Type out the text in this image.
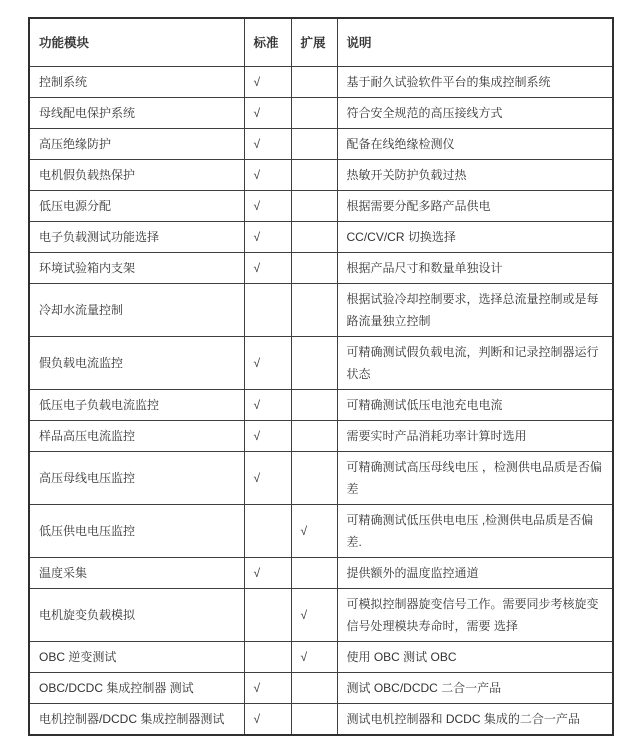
功能模块	标准	扩展	说明
控制系统	√		基于耐久试验软件平台的集成控制系统
母线配电保护系统	√		符合安全规范的高压接线方式
高压绝缘防护	√		配备在线绝缘检测仪
电机假负载热保护	√		热敏开关防护负载过热
低压电源分配	√		根据需要分配多路产品供电
电子负载测试功能选择	√		CC/CV/CR 切换选择
环境试验箱内支架	√		根据产品尺寸和数量单独设计
冷却水流量控制			根据试验冷却控制要求，选择总流量控制或是每路流量独立控制
假负载电流监控	√		可精确测试假负载电流，判断和记录控制器运行状态
低压电子负载电流监控	√		可精确测试低压电池充电电流
样品高压电流监控	√		需要实时产品消耗功率计算时选用
高压母线电压监控	√		可精确测试高压母线电压 ，检测供电品质是否偏差
低压供电电压监控		√	可精确测试低压供电电压 ,检测供电品质是否偏差.
温度采集	√		提供额外的温度监控通道
电机旋变负载模拟		√	可模拟控制器旋变信号工作。需要同步考核旋变信号处理模块寿命时，需要 选择
OBC 逆变测试		√	使用 OBC 测试 OBC
OBC/DCDC 集成控制器 测试	√		测试 OBC/DCDC 二合一产品
电机控制器/DCDC 集成控制器测试	√		测试电机控制器和 DCDC 集成的二合一产品
